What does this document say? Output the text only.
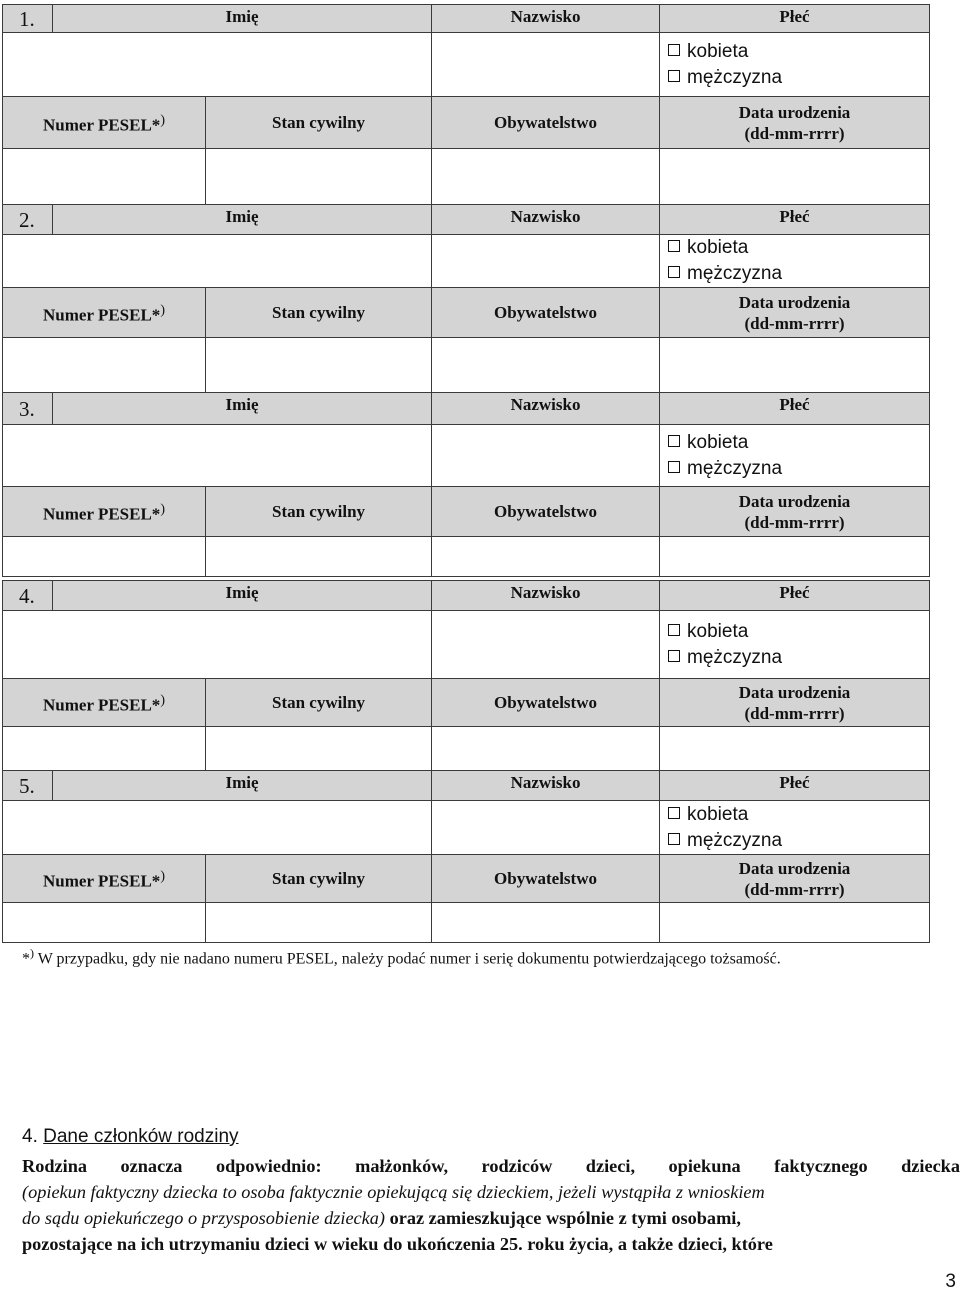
1.	Imię		Nazwisko	Płeć

				kobieta
mężczyzna

Numer PESEL*)		Stan cywilny	Obywatelstwo	Data urodzenia
(dd-mm-rrrr)

2.	Imię		Nazwisko	Płeć

				kobieta
mężczyzna

Numer PESEL*)		Stan cywilny	Obywatelstwo	Data urodzenia
(dd-mm-rrrr)

3.	Imię		Nazwisko	Płeć

				kobieta
mężczyzna

Numer PESEL*)		Stan cywilny	Obywatelstwo	Data urodzenia
(dd-mm-rrrr)

4.	Imię		Nazwisko	Płeć

				kobieta
mężczyzna

Numer PESEL*)		Stan cywilny	Obywatelstwo	Data urodzenia
(dd-mm-rrrr)

5.	Imię		Nazwisko	Płeć

				kobieta
mężczyzna

Numer PESEL*)		Stan cywilny	Obywatelstwo	Data urodzenia
(dd-mm-rrrr)

*) W przypadku, gdy nie nadano numeru PESEL, należy podać numer i serię dokumentu potwierdzającego tożsamość.
4. Dane członków rodziny
Rodzina oznacza odpowiednio: małżonków, rodziców dzieci, opiekuna faktycznego dziecka
(opiekun faktyczny dziecka to osoba faktycznie opiekującą się dzieckiem, jeżeli wystąpiła z wnioskiem
do sądu opiekuńczego o przysposobienie dziecka) oraz zamieszkujące wspólnie z tymi osobami,
pozostające na ich utrzymaniu dzieci w wieku do ukończenia 25. roku życia, a także dzieci, które
3
